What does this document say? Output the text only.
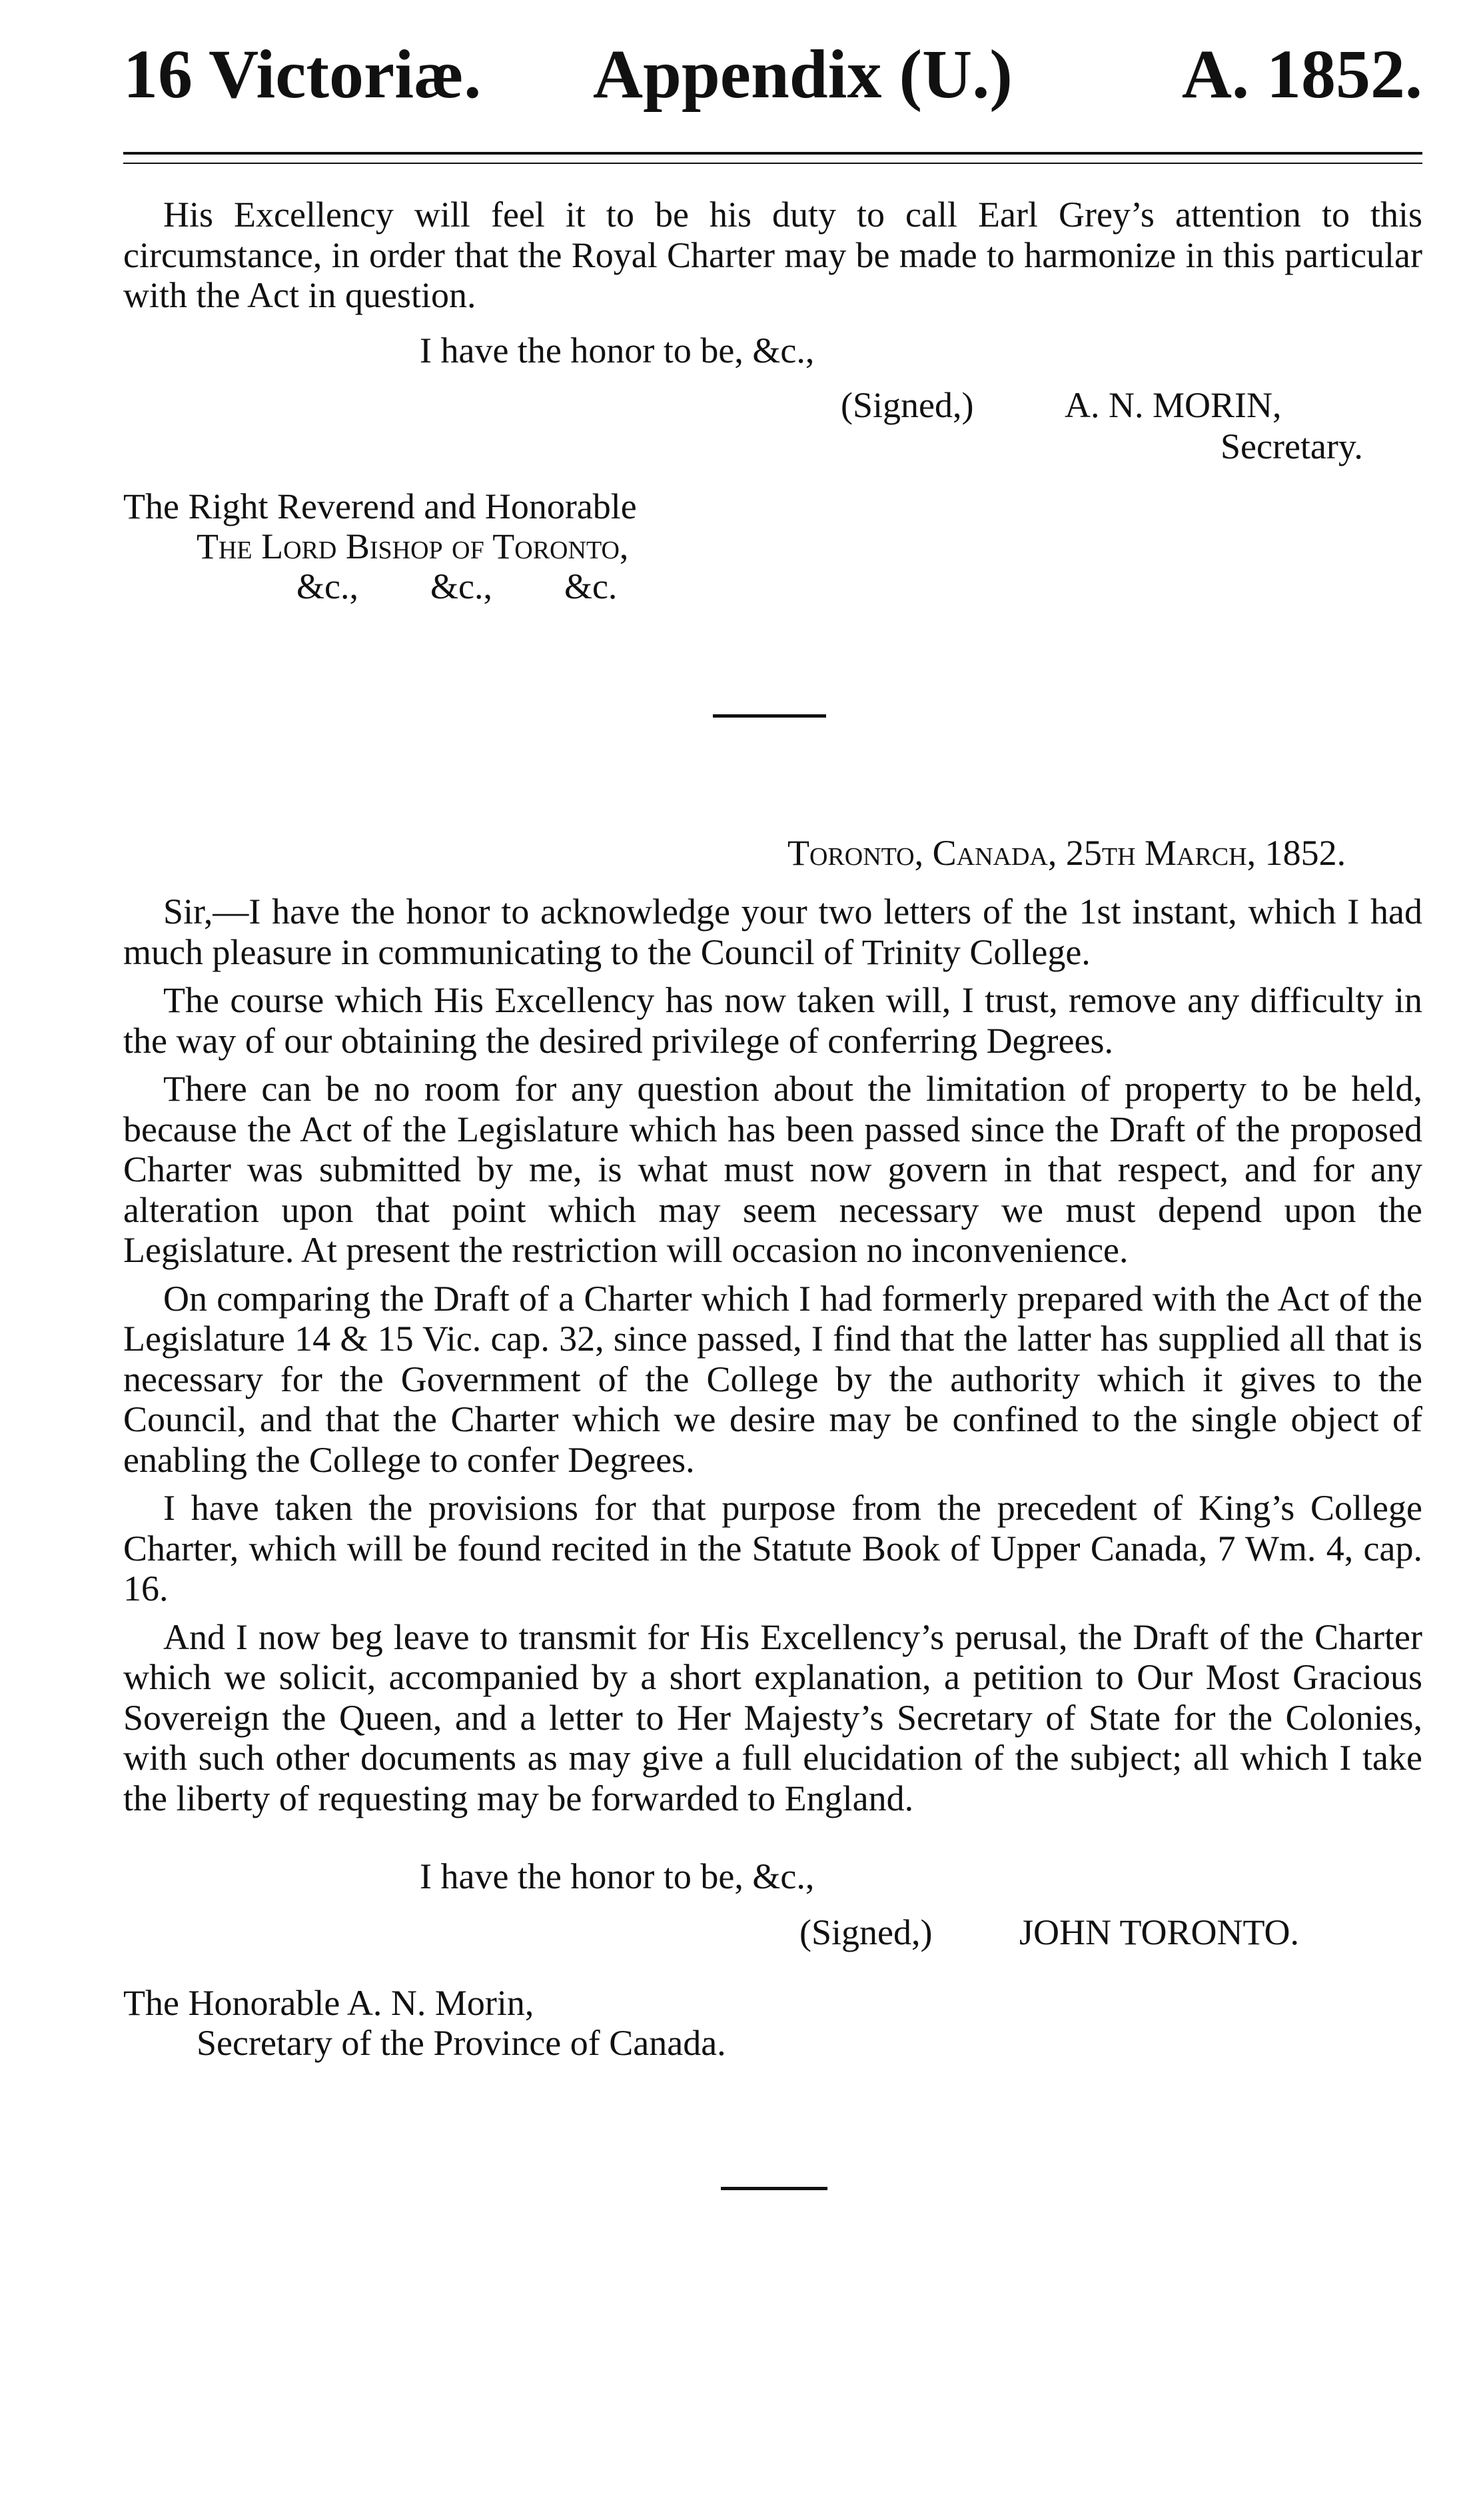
16 Victoriæ. Appendix (U.) A. 1852.

His Excellency will feel it to be his duty to call Earl Grey’s attention to this circumstance, in order that the Royal Charter may be made to harmonize in this particular with the Act in question.

I have the honor to be, &c.,
(Signed,)	A. N. MORIN,
Secretary.
The Right Reverend and Honorable
The Lord Bishop of Toronto,
&c.,        &c.,        &c.
Toronto, Canada, 25th March, 1852.

Sir,—I have the honor to acknowledge your two letters of the 1st instant, which I had much pleasure in communicating to the Council of Trinity College.

The course which His Excellency has now taken will, I trust, remove any difficulty in the way of our obtaining the desired privilege of conferring Degrees.

There can be no room for any question about the limitation of property to be held, because the Act of the Legislature which has been passed since the Draft of the proposed Charter was submitted by me, is what must now govern in that respect, and for any alteration upon that point which may seem necessary we must depend upon the Legislature. At present the restriction will occasion no inconvenience.

On comparing the Draft of a Charter which I had formerly prepared with the Act of the Legislature 14 & 15 Vic. cap. 32, since passed, I find that the latter has supplied all that is necessary for the Government of the College by the authority which it gives to the Council, and that the Charter which we desire may be confined to the single object of enabling the College to confer Degrees.

I have taken the provisions for that purpose from the precedent of King’s College Charter, which will be found recited in the Statute Book of Upper Canada, 7 Wm. 4, cap. 16.

And I now beg leave to transmit for His Excellency’s perusal, the Draft of the Charter which we solicit, accompanied by a short explanation, a petition to Our Most Gracious Sovereign the Queen, and a letter to Her Majesty’s Secretary of State for the Colonies, with such other documents as may give a full elucidation of the subject; all which I take the liberty of requesting may be forwarded to England.

I have the honor to be, &c.,
(Signed,) JOHN TORONTO.
The Honorable A. N. Morin,
Secretary of the Province of Canada.
